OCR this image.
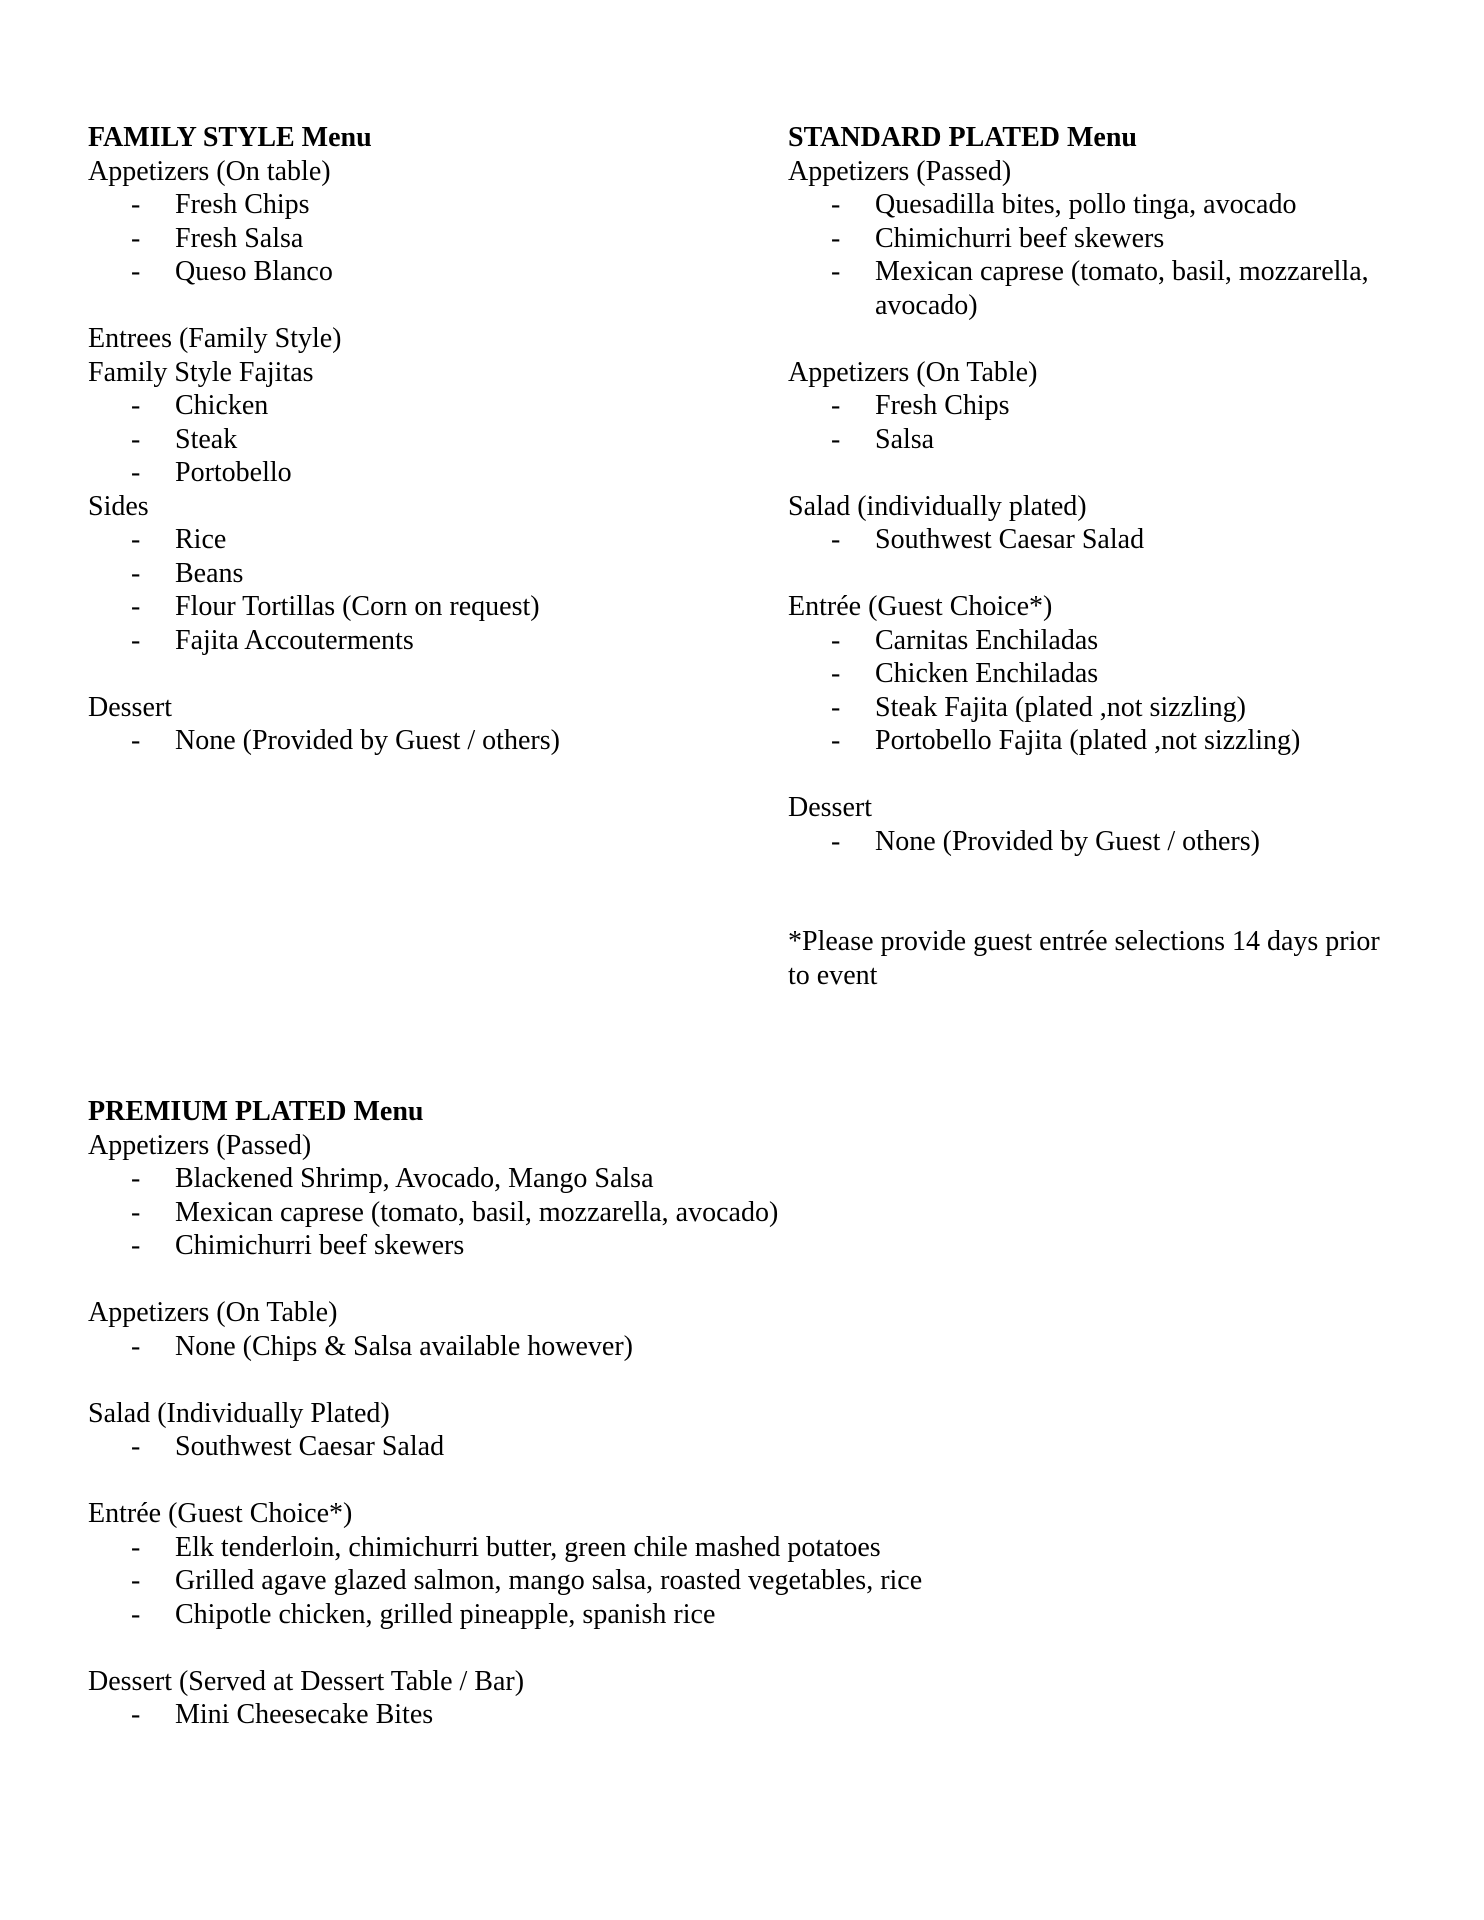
FAMILY STYLE Menu

Appetizers (On table)

- Fresh Chips
- Fresh Salsa
- Queso Blanco

Entrees (Family Style)

Family Style Fajitas

- Chicken
- Steak
- Portobello

Sides

- Rice
- Beans
- Flour Tortillas (Corn on request)
- Fajita Accouterments

Dessert

- None (Provided by Guest / others)

STANDARD PLATED Menu

Appetizers (Passed)

- Quesadilla bites, pollo tinga, avocado
- Chimichurri beef skewers
- Mexican caprese (tomato, basil, mozzarella, avocado)

Appetizers (On Table)

- Fresh Chips
- Salsa

Salad (individually plated)

- Southwest Caesar Salad

Entrée (Guest Choice*)

- Carnitas Enchiladas
- Chicken Enchiladas
- Steak Fajita (plated ,not sizzling)
- Portobello Fajita (plated ,not sizzling)

Dessert

- None (Provided by Guest / others)

*Please provide guest entrée selections 14 days prior to event

PREMIUM PLATED Menu

Appetizers (Passed)

- Blackened Shrimp, Avocado, Mango Salsa
- Mexican caprese (tomato, basil, mozzarella, avocado)
- Chimichurri beef skewers

Appetizers (On Table)

- None (Chips & Salsa available however)

Salad (Individually Plated)

- Southwest Caesar Salad

Entrée (Guest Choice*)

- Elk tenderloin, chimichurri butter, green chile mashed potatoes
- Grilled agave glazed salmon, mango salsa, roasted vegetables, rice
- Chipotle chicken, grilled pineapple, spanish rice

Dessert (Served at Dessert Table / Bar)

- Mini Cheesecake Bites
